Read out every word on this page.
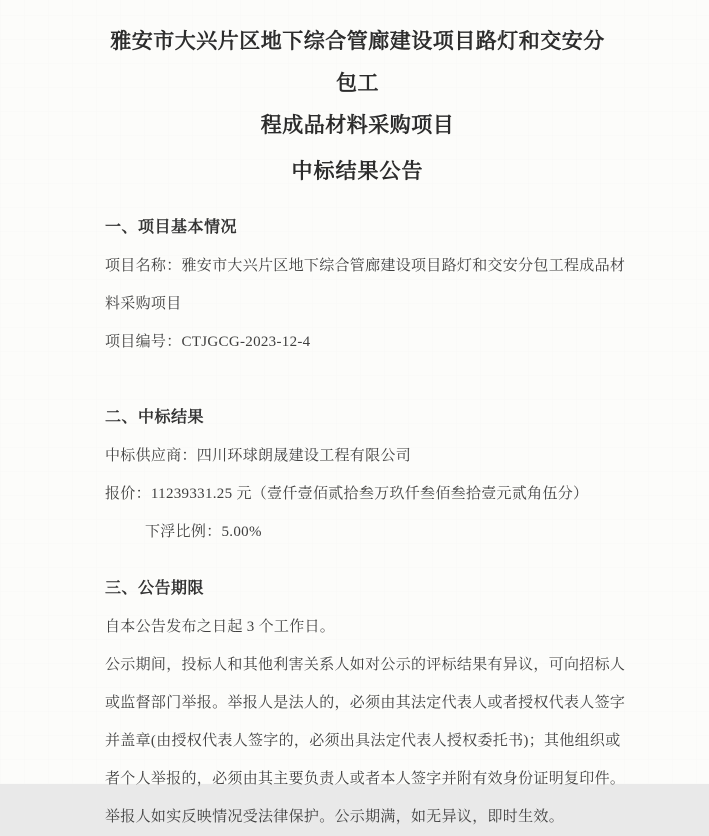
雅安市大兴片区地下综合管廊建设项目路灯和交安分包工
程成品材料采购项目
中标结果公告
一、项目基本情况
项目名称：雅安市大兴片区地下综合管廊建设项目路灯和交安分包工程成品材
料采购项目
项目编号：CTJGCG-2023-12-4
二、中标结果
中标供应商：四川环球朗晟建设工程有限公司
报价：11239331.25 元（壹仟壹佰贰拾叁万玖仟叁佰叁拾壹元贰角伍分）
下浮比例：5.00%
三、公告期限
自本公告发布之日起 3 个工作日。
公示期间，投标人和其他利害关系人如对公示的评标结果有异议，可向招标人
或监督部门举报。举报人是法人的，必须由其法定代表人或者授权代表人签字
并盖章(由授权代表人签字的，必须出具法定代表人授权委托书)；其他组织或
者个人举报的，必须由其主要负责人或者本人签字并附有效身份证明复印件。
举报人如实反映情况受法律保护。公示期满，如无异议，即时生效。
